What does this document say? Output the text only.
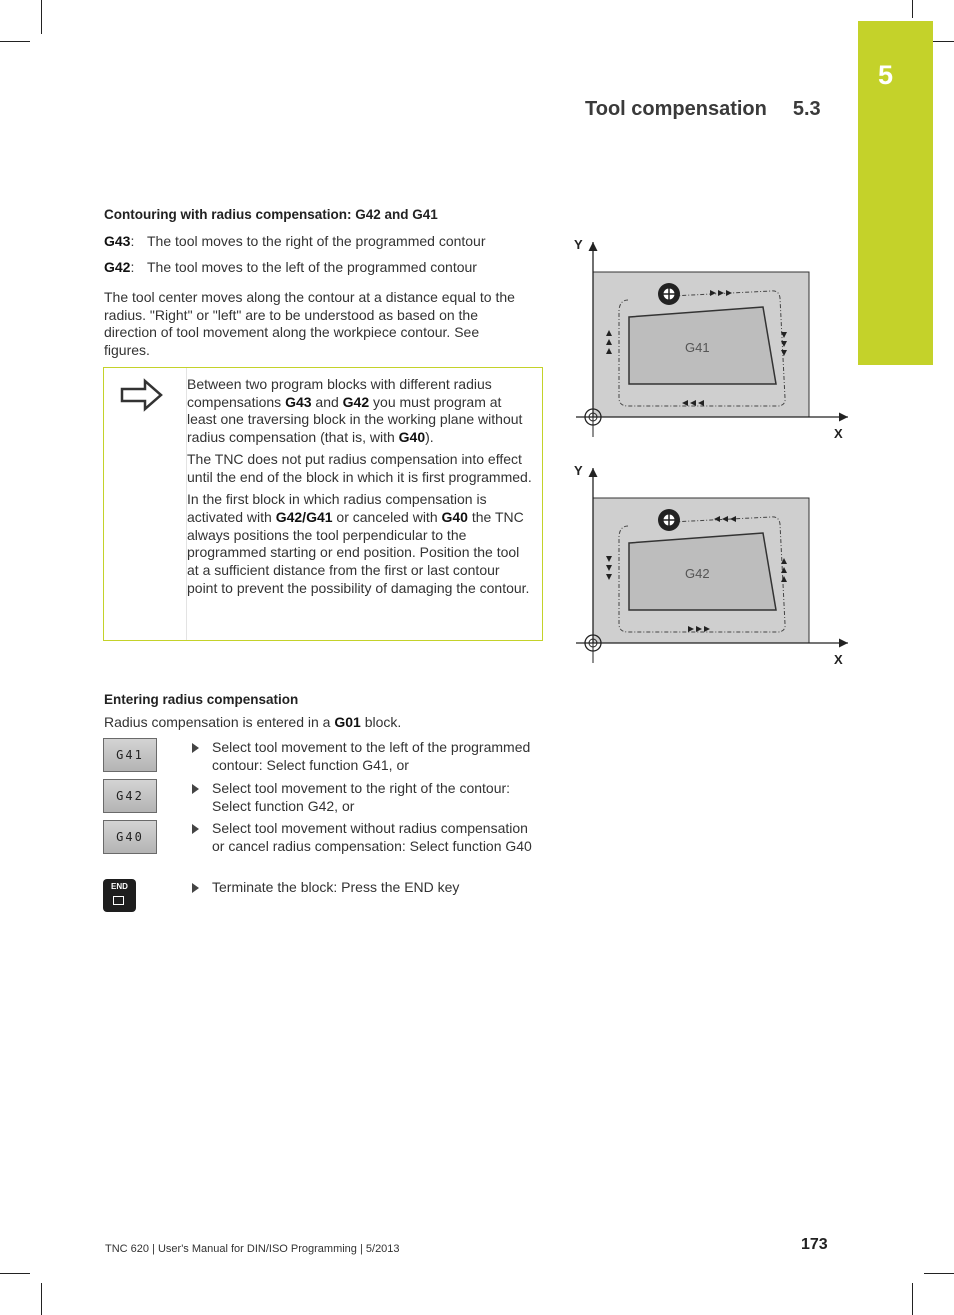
5
Tool compensation 5.3
Contouring with radius compensation: G42 and G41
G43: The tool moves to the right of the programmed contour
G42: The tool moves to the left of the programmed contour
The tool center moves along the contour at a distance equal to the radius. "Right" or "left" are to be understood as based on the direction of tool movement along the workpiece contour. See figures.

Between two program blocks with different radius compensations G43 and G42 you must program at least one traversing block in the working plane without radius compensation (that is, with G40).

The TNC does not put radius compensation into effect until the end of the block in which it is first programmed.

In the first block in which radius compensation is activated with G42/G41 or canceled with G40 the TNC always positions the tool perpendicular to the programmed starting or end position. Position the tool at a sufficient distance from the first or last contour point to prevent the possibility of damaging the contour.

G41
Y
X
G42
Y
X
Entering radius compensation
Radius compensation is entered in a G01 block.
G41
G42
G40
END
Select tool movement to the left of the programmed contour: Select function G41, or
Select tool movement to the right of the contour: Select function G42, or
Select tool movement without radius compensation or cancel radius compensation: Select function G40
Terminate the block: Press the END key
TNC 620 | User's Manual for DIN/ISO Programming | 5/2013	173
